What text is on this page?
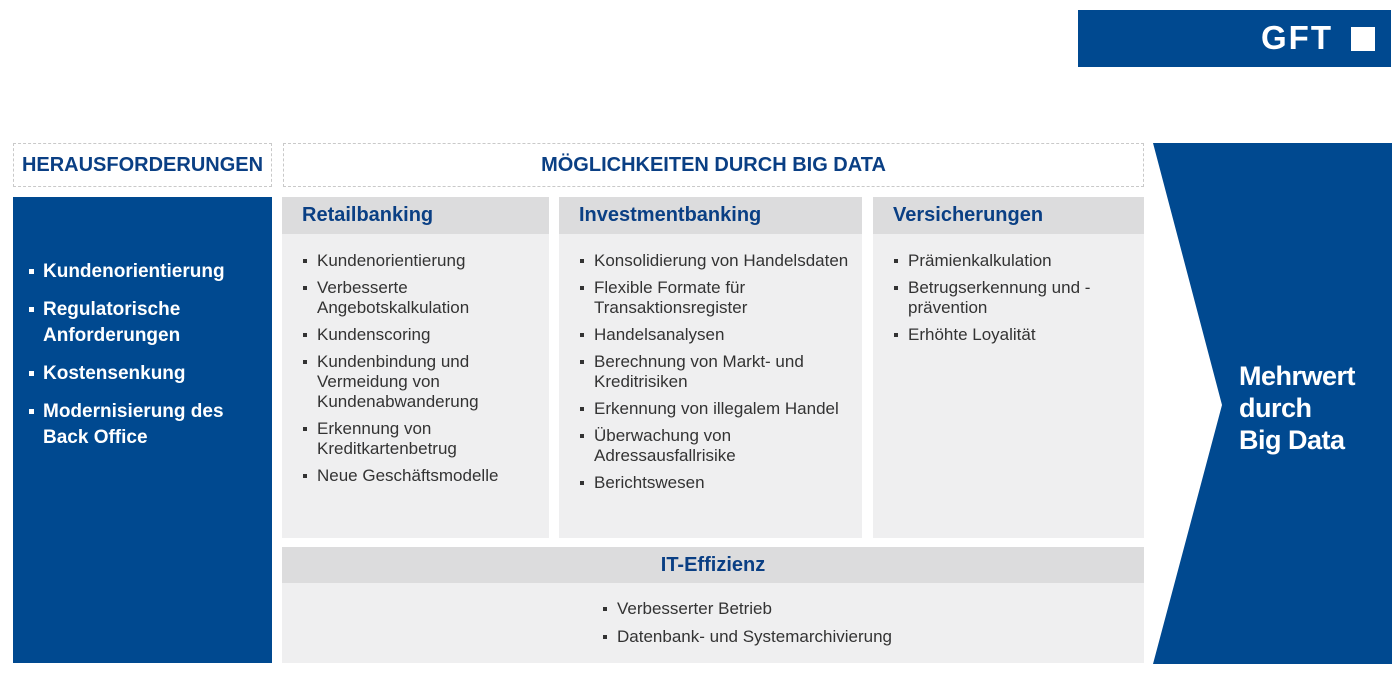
GFT
HERAUSFORDERUNGEN	MÖGLICHKEITEN DURCH BIG DATA
Kundenorientierung
Regulatorische Anforderungen
Kostensenkung
Modernisierung des Back Office
Retailbanking
Kundenorientierung
Verbesserte Angebotskalkulation
Kundenscoring
Kundenbindung und Vermeidung von Kundenabwanderung
Erkennung von Kreditkartenbetrug
Neue Geschäftsmodelle
Investmentbanking
Konsolidierung von Handelsdaten
Flexible Formate für Transaktionsregister
Handelsanalysen
Berechnung von Markt- und Kreditrisiken
Erkennung von illegalem Handel
Überwachung von Adressausfallrisike
Berichtswesen
Versicherungen
Prämienkalkulation
Betrugserkennung und -prävention
Erhöhte Loyalität
IT-Effizienz
Verbesserter Betrieb
Datenbank- und Systemarchivierung
Mehrwert
durch
Big Data
